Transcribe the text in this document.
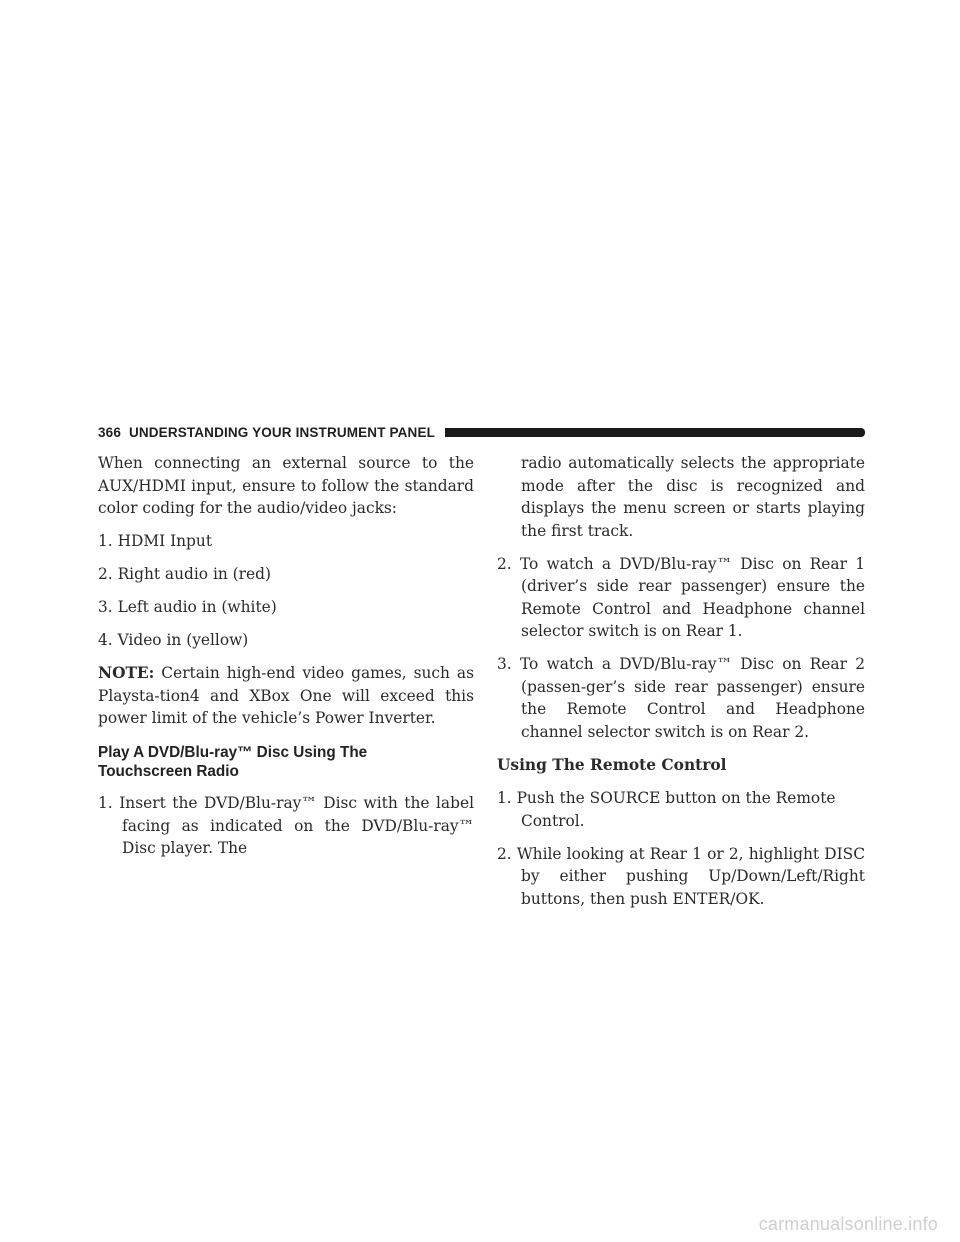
366 UNDERSTANDING YOUR INSTRUMENT PANEL

When connecting an external source to the AUX/HDMI input, ensure to follow the standard color coding for the audio/video jacks:

1. HDMI Input

2. Right audio in (red)

3. Left audio in (white)

4. Video in (yellow)

NOTE: Certain high-end video games, such as Playsta-tion4 and XBox One will exceed this power limit of the vehicle’s Power Inverter.

Play A DVD/Blu-ray™ Disc Using The
Touchscreen Radio

1. Insert the DVD/Blu-ray™ Disc with the label facing as indicated on the DVD/Blu-ray™ Disc player. The

radio automatically selects the appropriate mode after the disc is recognized and displays the menu screen or starts playing the first track.

2. To watch a DVD/Blu-ray™ Disc on Rear 1 (driver’s side rear passenger) ensure the Remote Control and Headphone channel selector switch is on Rear 1.

3. To watch a DVD/Blu-ray™ Disc on Rear 2 (passen-ger’s side rear passenger) ensure the Remote Control and Headphone channel selector switch is on Rear 2.

Using The Remote Control

1. Push the SOURCE button on the Remote Control.

2. While looking at Rear 1 or 2, highlight DISC by either pushing Up/Down/Left/Right buttons, then push ENTER/OK.

carmanualsonline.info
